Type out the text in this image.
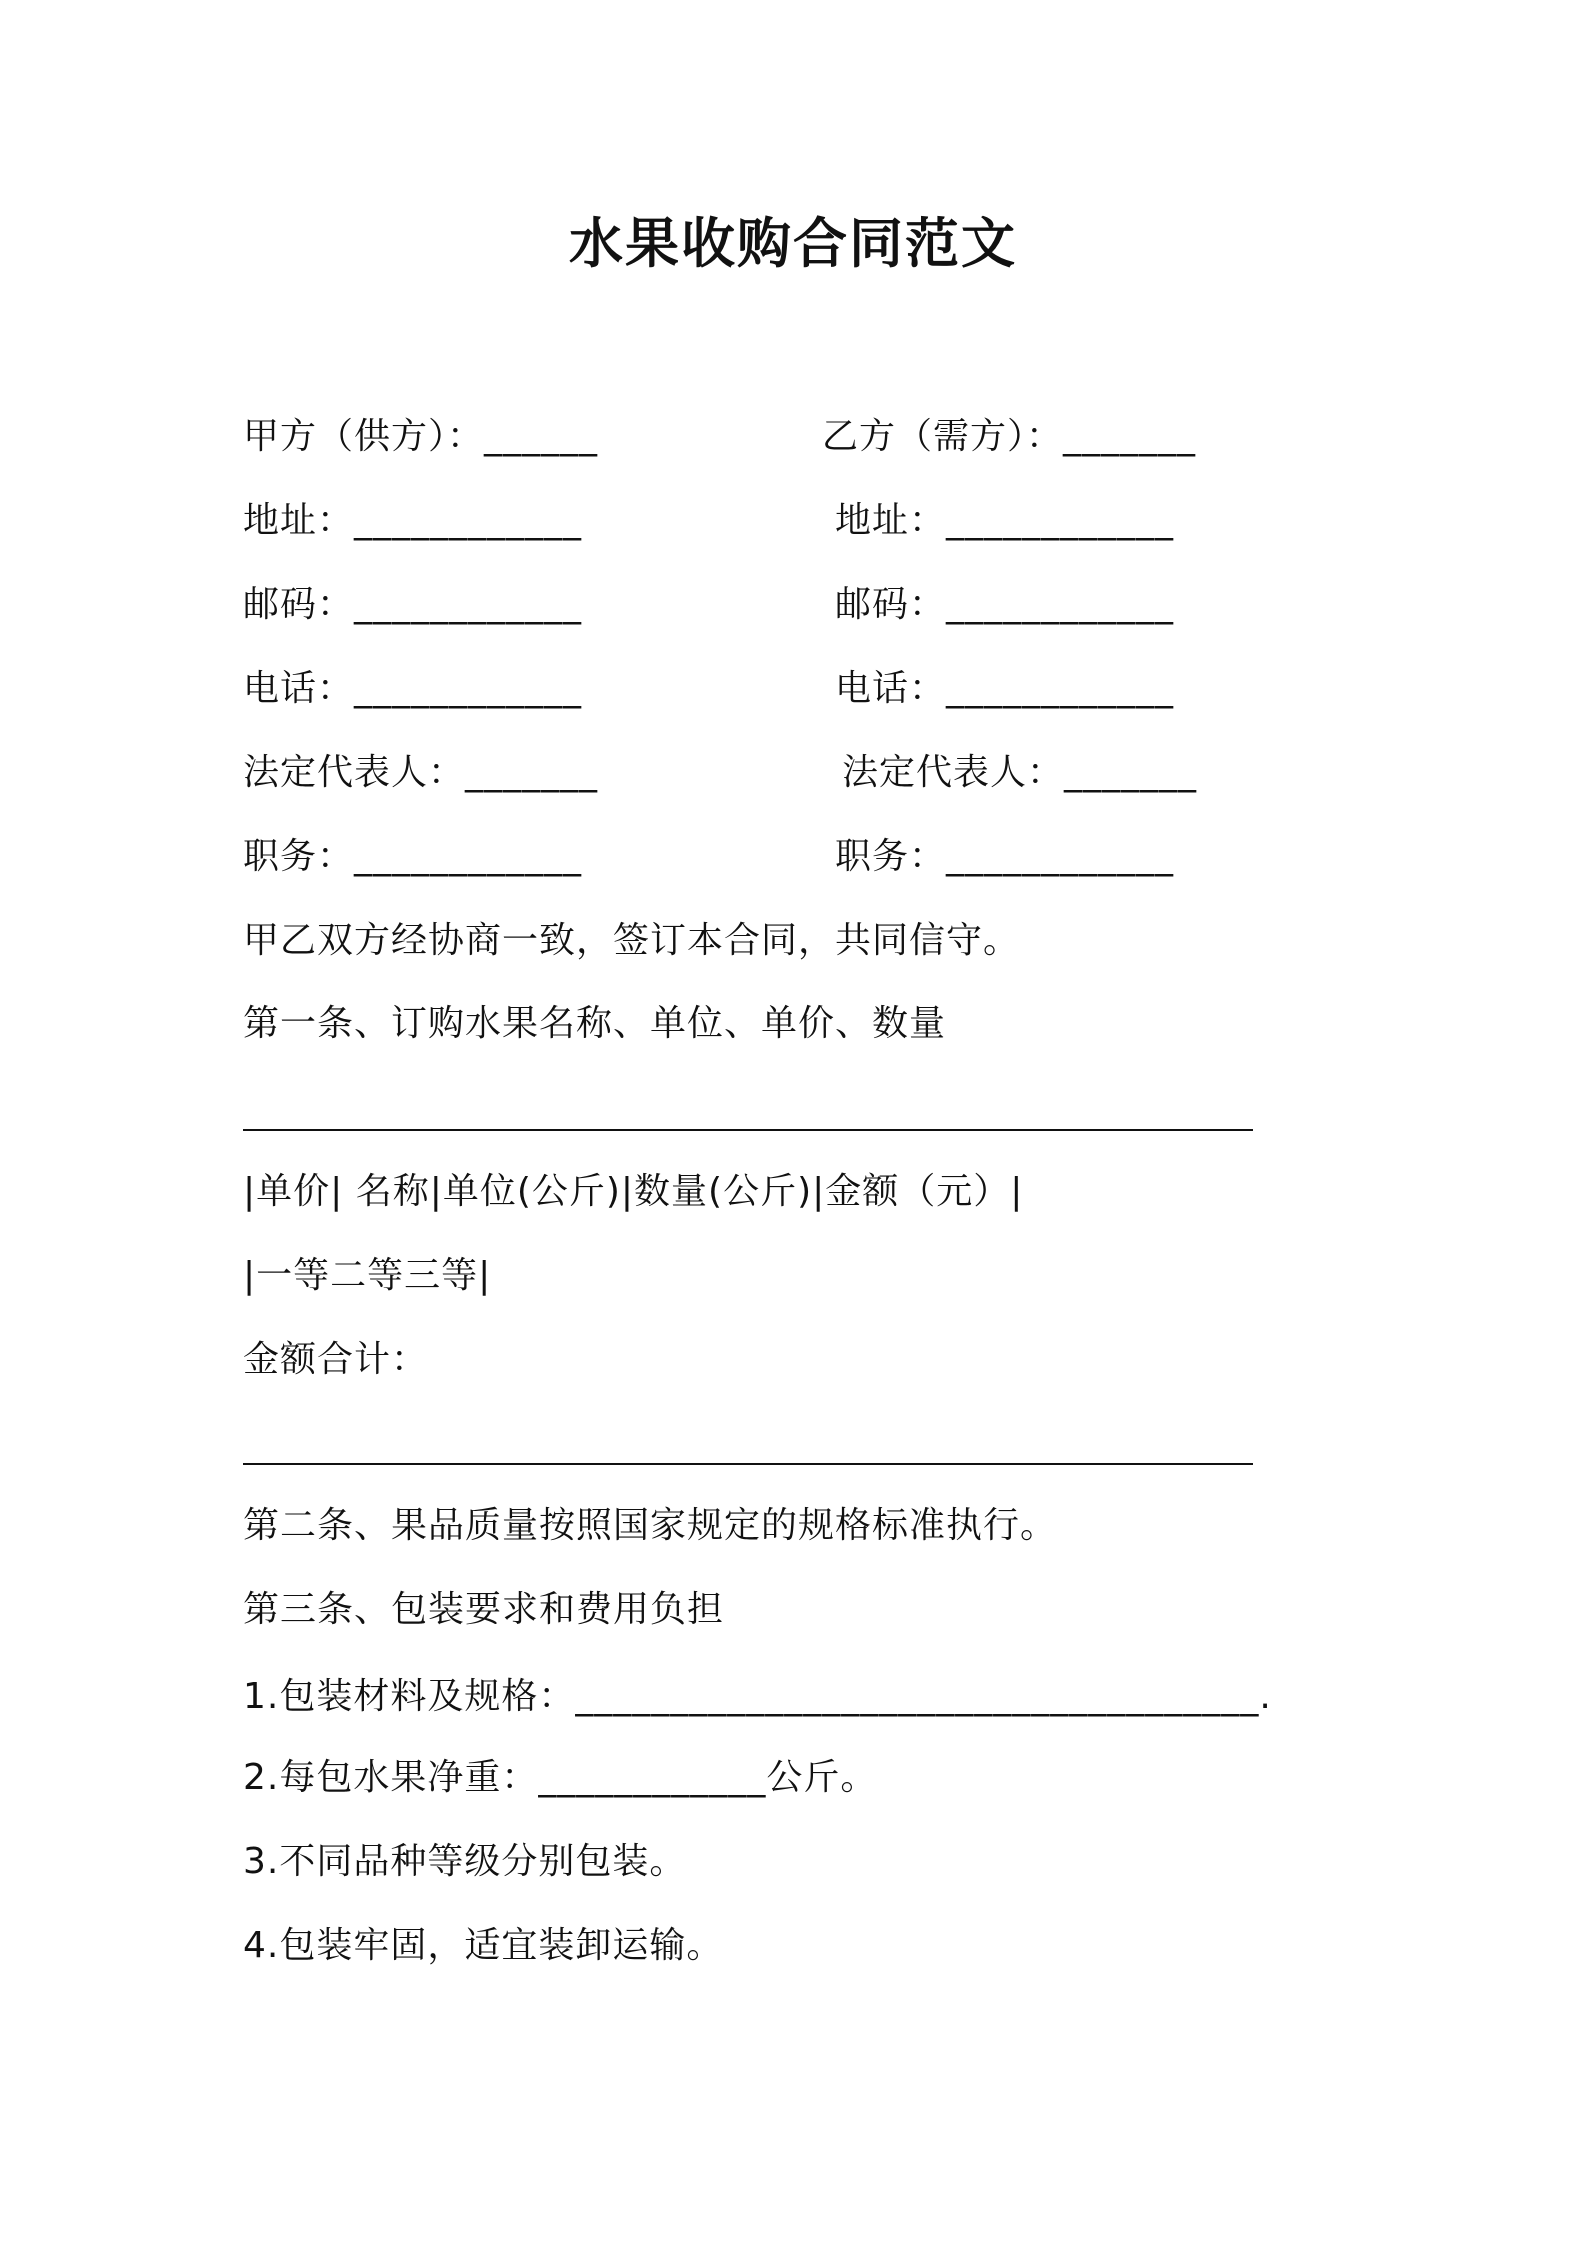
水果收购合同范文
甲方（供方）：______	乙方（需方）：_______
地址：____________	地址：____________
邮码：____________	邮码：____________
电话：____________	电话：____________
法定代表人：_______	法定代表人：_______
职务：____________	职务：____________
甲乙双方经协商一致，签订本合同，共同信守。
第一条、订购水果名称、单位、单价、数量
|单价| 名称|单位(公斤)|数量(公斤)|金额（元）|
|一等二等三等|
金额合计：
第二条、果品质量按照国家规定的规格标准执行。
第三条、包装要求和费用负担
1.包装材料及规格：____________________________________.
2.每包水果净重：____________公斤。
3.不同品种等级分别包装。
4.包装牢固，适宜装卸运输。
